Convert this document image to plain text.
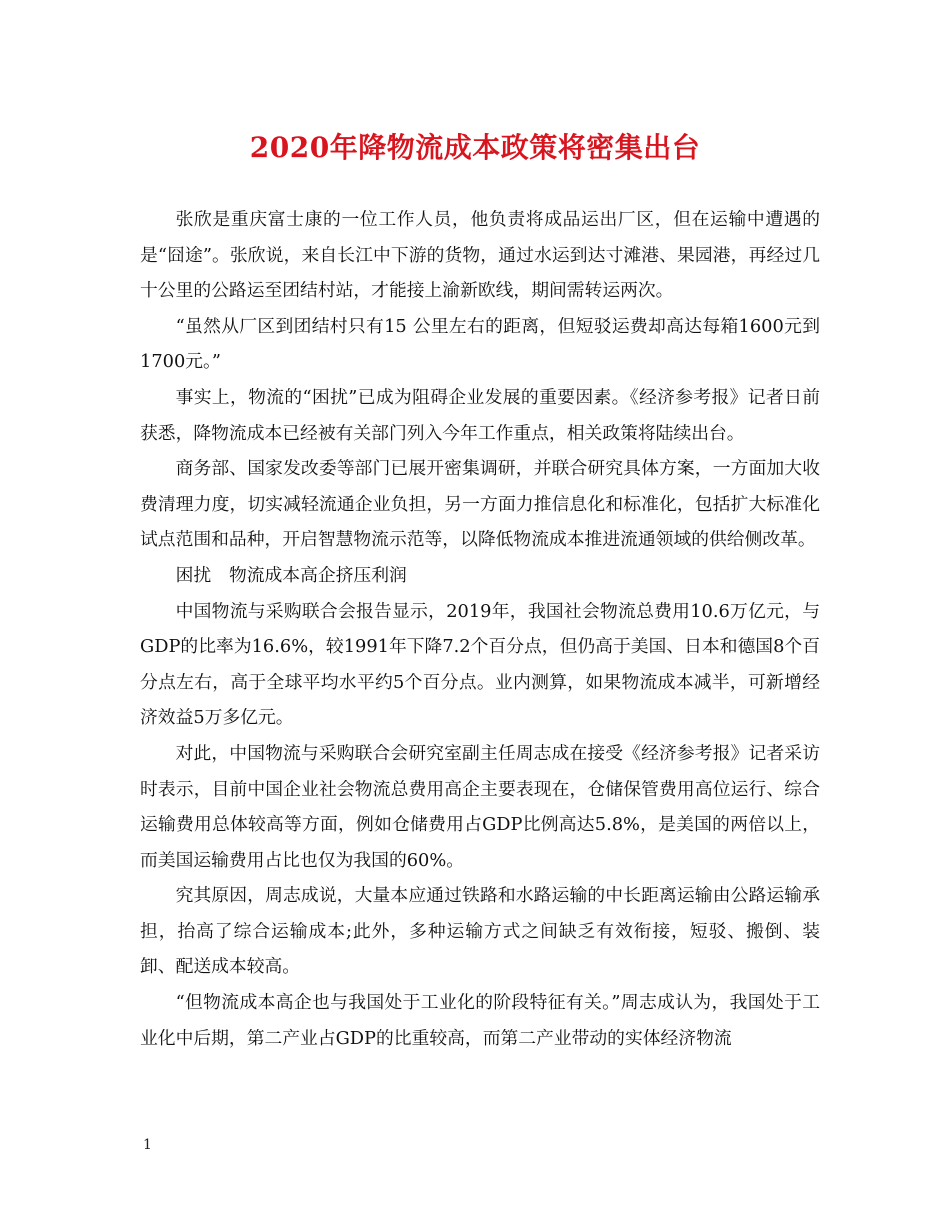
2020年降物流成本政策将密集出台

张欣是重庆富士康的一位工作人员，他负责将成品运出厂区，但在运输中遭遇的是“囧途”。张欣说，来自长江中下游的货物，通过水运到达寸滩港、果园港，再经过几十公里的公路运至团结村站，才能接上渝新欧线，期间需转运两次。

“虽然从厂区到团结村只有15 公里左右的距离，但短驳运费却高达每箱1600元到1700元。”

事实上，物流的“困扰”已成为阻碍企业发展的重要因素。《经济参考报》记者日前获悉，降物流成本已经被有关部门列入今年工作重点，相关政策将陆续出台。

商务部、国家发改委等部门已展开密集调研，并联合研究具体方案，一方面加大收费清理力度，切实减轻流通企业负担，另一方面力推信息化和标准化，包括扩大标准化试点范围和品种，开启智慧物流示范等，以降低物流成本推进流通领域的供给侧改革。

困扰　物流成本高企挤压利润

中国物流与采购联合会报告显示，2019年，我国社会物流总费用10.6万亿元，与GDP的比率为16.6%，较1991年下降7.2个百分点，但仍高于美国、日本和德国8个百分点左右，高于全球平均水平约5个百分点。业内测算，如果物流成本减半，可新增经济效益5万多亿元。

对此，中国物流与采购联合会研究室副主任周志成在接受《经济参考报》记者采访时表示，目前中国企业社会物流总费用高企主要表现在，仓储保管费用高位运行、综合运输费用总体较高等方面，例如仓储费用占GDP比例高达5.8%，是美国的两倍以上，而美国运输费用占比也仅为我国的60%。

究其原因，周志成说，大量本应通过铁路和水路运输的中长距离运输由公路运输承担，抬高了综合运输成本;此外，多种运输方式之间缺乏有效衔接，短驳、搬倒、装卸、配送成本较高。

“但物流成本高企也与我国处于工业化的阶段特征有关。”周志成认为，我国处于工业化中后期，第二产业占GDP的比重较高，而第二产业带动的实体经济物流

1
